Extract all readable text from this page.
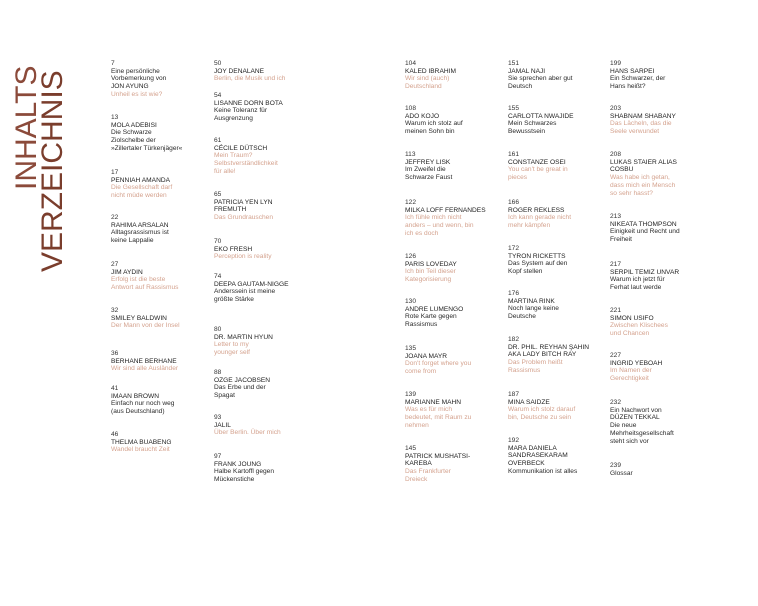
INHALTS
VERZEICHNIS
7
Eine persönliche
Vorbemerkung von
JON AYUNG
Unheil es ist wie?
13
MOLA ADEBISI
Die Schwarze
Ziolschelbe der
»Zillertaler Türkenjäger«
17
PENNIAH AMANDA
Die Gesellschaft darf
nicht müde werden
22
RAHIMA ARSALAN
Alltagsrassismus ist
keine Lappalie
27
JIM AYDIN
Erfolg ist die beste
Antwort auf Rassismus
32
SMILEY BALDWIN
Der Mann von der Insel
36
BERHANE BERHANE
Wir sind alle Ausländer
41
IMAAN BROWN
Einfach nur noch weg
(aus Deutschland)
46
THELMA BUABENG
Wandel braucht Zeit
50
JOY DENALANE
Berlin, die Musik und ich
54
LISANNE DORN BOTA
Keine Toleranz für
Ausgrenzung
61
CÉCILE DÜTSCH
Mein Traum?
Selbstverständlichkeit
für alle!
65
PATRICIA YEN LYN
FREMUTH
Das Grundrauschen
70
EKO FRESH
Perception is reality
74
DEEPA GAUTAM-NIGGE
Anderssein ist meine
größte Stärke
80
DR. MARTIN HYUN
Letter to my
younger self
88
OZGE JACOBSEN
Das Erbe und der
Spagat
93
JALIL
Über Berlin. Über mich
97
FRANK JOUNG
Halbe Kartoffl gegen
Mückenstiche
104
KALED IBRAHIM
Wir sind (auch)
Deutschland
108
ADO KOJO
Warum ich stolz auf
meinen Sohn bin
113
JEFFREY LISK
Im Zweifel die
Schwarze Faust
122
MILKA LOFF FERNANDES
Ich fühle mich nicht
anders – und wenn, bin
ich es doch
126
PARIS LOVEDAY
Ich bin Teil dieser
Kategorisierung
130
ANDRE LUMENGO
Rote Karte gegen
Rassismus
135
JOANA MAYR
Don't forget where you
come from
139
MARIANNE MAHN
Was es für mich
bedeutet, mit Raum zu
nehmen
145
PATRICK MUSHATSI-
KAREBA
Das Frankfurter
Dreieck
151
JAMAL NAJI
Sie sprechen aber gut
Deutsch
155
CARLOTTA NWAJIDE
Mein Schwarzes
Bewusstsein
161
CONSTANZE OSEI
You can't be great in
pieces
166
ROGER REKLESS
Ich kann gerade nicht
mehr kämpfen
172
TYRON RICKETTS
Das System auf den
Kopf stellen
176
MARTINA RINK
Noch lange keine
Deutsche
182
DR. PHIL. REYHAN ŞAHIN
AKA LADY BITCH RAY
Das Problem heißt
Rassismus
187
MINA SAIDZE
Warum ich stolz darauf
bin, Deutsche zu sein
192
MARA DANIELA
SANDRASEKARAM
OVERBECK
Kommunikation ist alles
199
HANS SARPEI
Ein Schwarzer, der
Hans heißt?
203
SHABNAM SHABANY
Das Lächeln, das die
Seele verwundet
208
LUKAS STAIER ALIAS
COSBU
Was habe ich getan,
dass mich ein Mensch
so sehr hasst?
213
NIKEATA THOMPSON
Einigkeit und Recht und
Freiheit
217
SERPIL TEMIZ UNVAR
Warum ich jetzt für
Ferhat laut werde
221
SIMON USIFO
Zwischen Klischees
und Chancen
227
INGRID YEBOAH
Im Namen der
Gerechtigkeit
232
Ein Nachwort von
DÜZEN TEKKAL
Die neue
Mehrheitsgesellschaft
steht sich vor
239
Glossar
